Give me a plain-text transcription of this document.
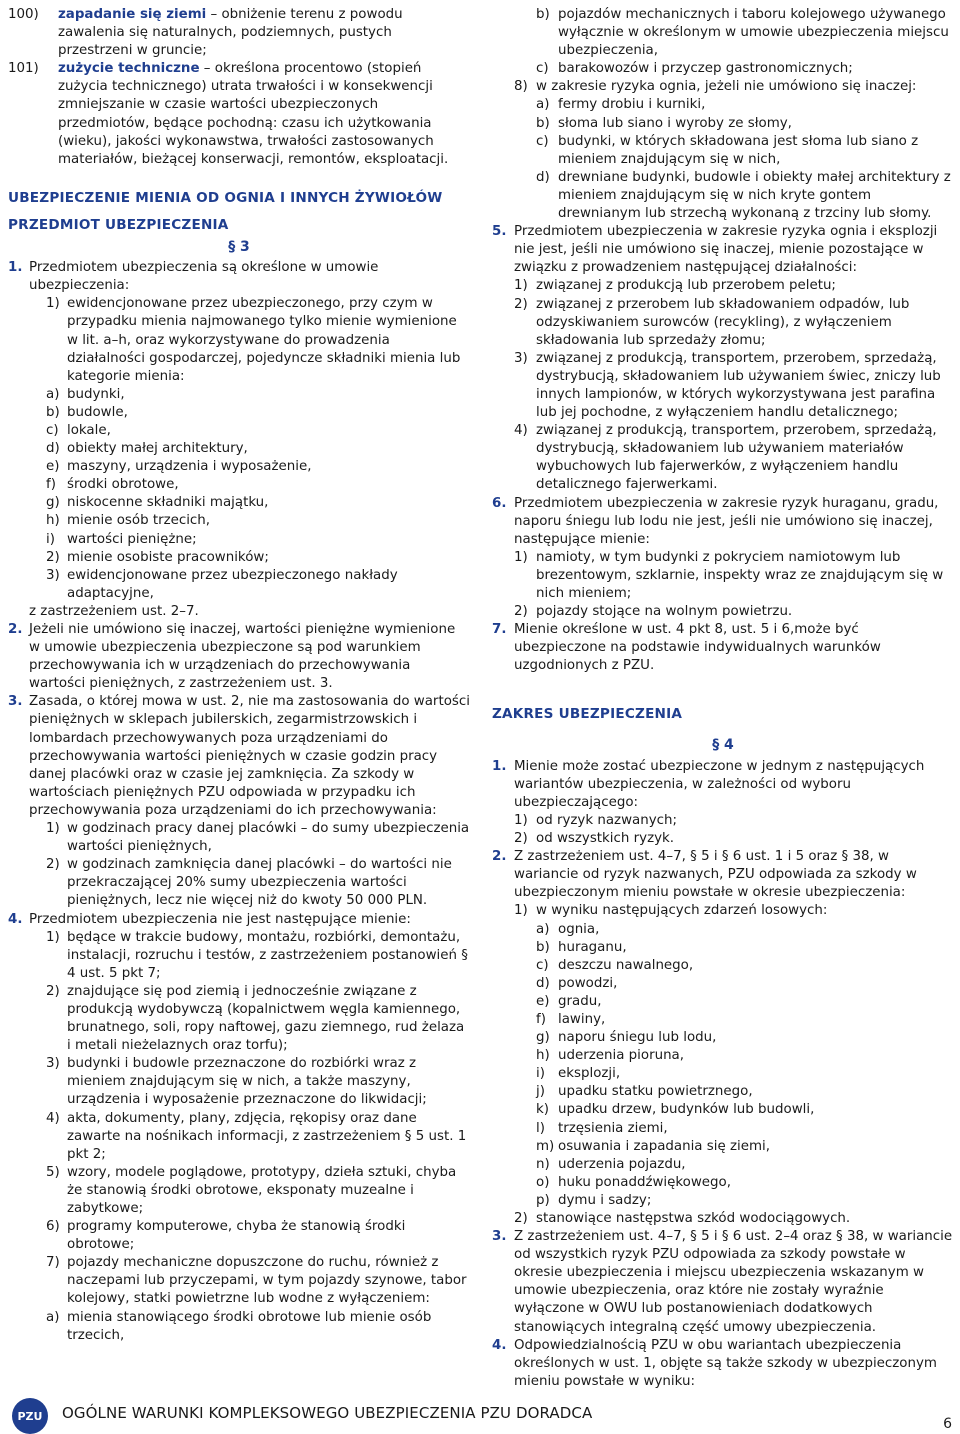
100) zapadanie się ziemi – obniżenie terenu z powodu zawalenia się naturalnych, podziemnych, pustych przestrzeni w gruncie;
101) zużycie techniczne – określona procentowo (stopień zużycia technicznego) utrata trwałości i w konsekwencji zmniejszanie w czasie wartości ubezpieczonych przedmiotów, będące pochodną: czasu ich użytkowania (wieku), jakości wykonawstwa, trwałości zastosowanych materiałów, bieżącej konserwacji, remontów, eksploatacji.
UBEZPIECZENIE MIENIA OD OGNIA I INNYCH ŻYWIOŁÓW
PRZEDMIOT UBEZPIECZENIA
§ 3
1. Przedmiotem ubezpieczenia są określone w umowie ubezpieczenia:
1) ewidencjonowane przez ubezpieczonego, przy czym w przypadku mienia najmowanego tylko mienie wymienione w lit. a–h, oraz wykorzystywane do prowadzenia działalności gospodarczej, pojedyncze składniki mienia lub kategorie mienia:
a) budynki,
b) budowle,
c) lokale,
d) obiekty małej architektury,
e) maszyny, urządzenia i wyposażenie,
f) środki obrotowe,
g) niskocenne składniki majątku,
h) mienie osób trzecich,
i) wartości pieniężne;
2) mienie osobiste pracowników;
3) ewidencjonowane przez ubezpieczonego nakłady adaptacyjne,
z zastrzeżeniem ust. 2–7.
2. Jeżeli nie umówiono się inaczej, wartości pieniężne wymienione w umowie ubezpieczenia ubezpieczone są pod warunkiem przechowywania ich w urządzeniach do przechowywania wartości pieniężnych, z zastrzeżeniem ust. 3.
3. Zasada, o której mowa w ust. 2, nie ma zastosowania do wartości pieniężnych w sklepach jubilerskich, zegarmistrzowskich i lombardach przechowywanych poza urządzeniami do przechowywania wartości pieniężnych w czasie godzin pracy danej placówki oraz w czasie jej zamknięcia. Za szkody w wartościach pieniężnych PZU odpowiada w przypadku ich przechowywania poza urządzeniami do ich przechowywania:
1) w godzinach pracy danej placówki – do sumy ubezpieczenia wartości pieniężnych,
2) w godzinach zamknięcia danej placówki – do wartości nie przekraczającej 20% sumy ubezpieczenia wartości pieniężnych, lecz nie więcej niż do kwoty 50 000 PLN.
4. Przedmiotem ubezpieczenia nie jest następujące mienie:
1) będące w trakcie budowy, montażu, rozbiórki, demontażu, instalacji, rozruchu i testów, z zastrzeżeniem postanowień § 4 ust. 5 pkt 7;
2) znajdujące się pod ziemią i jednocześnie związane z produkcją wydobywczą (kopalnictwem węgla kamiennego, brunatnego, soli, ropy naftowej, gazu ziemnego, rud żelaza i metali nieżelaznych oraz torfu);
3) budynki i budowle przeznaczone do rozbiórki wraz z mieniem znajdującym się w nich, a także maszyny, urządzenia i wyposażenie przeznaczone do likwidacji;
4) akta, dokumenty, plany, zdjęcia, rękopisy oraz dane zawarte na nośnikach informacji, z zastrzeżeniem § 5 ust. 1 pkt 2;
5) wzory, modele poglądowe, prototypy, dzieła sztuki, chyba że stanowią środki obrotowe, eksponaty muzealne i zabytkowe;
6) programy komputerowe, chyba że stanowią środki obrotowe;
7) pojazdy mechaniczne dopuszczone do ruchu, również z naczepami lub przyczepami, w tym pojazdy szynowe, tabor kolejowy, statki powietrzne lub wodne z wyłączeniem:
a) mienia stanowiącego środki obrotowe lub mienie osób trzecich,
b) pojazdów mechanicznych i taboru kolejowego używanego wyłącznie w określonym w umowie ubezpieczenia miejscu ubezpieczenia,
c) barakowozów i przyczep gastronomicznych;
8) w zakresie ryzyka ognia, jeżeli nie umówiono się inaczej:
a) fermy drobiu i kurniki,
b) słoma lub siano i wyroby ze słomy,
c) budynki, w których składowana jest słoma lub siano z mieniem znajdującym się w nich,
d) drewniane budynki, budowle i obiekty małej architektury z mieniem znajdującym się w nich kryte gontem drewnianym lub strzechą wykonaną z trzciny lub słomy.
5. Przedmiotem ubezpieczenia w zakresie ryzyka ognia i eksplozji nie jest, jeśli nie umówiono się inaczej, mienie pozostające w związku z prowadzeniem następującej działalności:
1) związanej z produkcją lub przerobem peletu;
2) związanej z przerobem lub składowaniem odpadów, lub odzyskiwaniem surowców (recykling), z wyłączeniem składowania lub sprzedaży złomu;
3) związanej z produkcją, transportem, przerobem, sprzedażą, dystrybucją, składowaniem lub używaniem świec, zniczy lub innych lampionów, w których wykorzystywana jest parafina lub jej pochodne, z wyłączeniem handlu detalicznego;
4) związanej z produkcją, transportem, przerobem, sprzedażą, dystrybucją, składowaniem lub używaniem materiałów wybuchowych lub fajerwerków, z wyłączeniem handlu detalicznego fajerwerkami.
6. Przedmiotem ubezpieczenia w zakresie ryzyk huraganu, gradu, naporu śniegu lub lodu nie jest, jeśli nie umówiono się inaczej, następujące mienie:
1) namioty, w tym budynki z pokryciem namiotowym lub brezentowym, szklarnie, inspekty wraz ze znajdującym się w nich mieniem;
2) pojazdy stojące na wolnym powietrzu.
7. Mienie określone w ust. 4 pkt 8, ust. 5 i 6,może być ubezpieczone na podstawie indywidualnych warunków uzgodnionych z PZU.
ZAKRES UBEZPIECZENIA
§ 4
1. Mienie może zostać ubezpieczone w jednym z następujących wariantów ubezpieczenia, w zależności od wyboru ubezpieczającego:
1) od ryzyk nazwanych;
2) od wszystkich ryzyk.
2. Z zastrzeżeniem ust. 4–7, § 5 i § 6 ust. 1 i 5 oraz § 38, w wariancie od ryzyk nazwanych, PZU odpowiada za szkody w ubezpieczonym mieniu powstałe w okresie ubezpieczenia:
1) w wyniku następujących zdarzeń losowych:
a) ognia,
b) huraganu,
c) deszczu nawalnego,
d) powodzi,
e) gradu,
f) lawiny,
g) naporu śniegu lub lodu,
h) uderzenia pioruna,
i) eksplozji,
j) upadku statku powietrznego,
k) upadku drzew, budynków lub budowli,
l) trzęsienia ziemi,
m) osuwania i zapadania się ziemi,
n) uderzenia pojazdu,
o) huku ponaddźwiękowego,
p) dymu i sadzy;
2) stanowiące następstwa szkód wodociągowych.
3. Z zastrzeżeniem ust. 4–7, § 5 i § 6 ust. 2–4 oraz § 38, w wariancie od wszystkich ryzyk PZU odpowiada za szkody powstałe w okresie ubezpieczenia i miejscu ubezpieczenia wskazanym w umowie ubezpieczenia, oraz które nie zostały wyraźnie wyłączone w OWU lub postanowieniach dodatkowych stanowiących integralną część umowy ubezpieczenia.
4. Odpowiedzialnością PZU w obu wariantach ubezpieczenia określonych w ust. 1, objęte są także szkody w ubezpieczonym mieniu powstałe w wyniku:
PZU	OGÓLNE WARUNKI KOMPLEKSOWEGO UBEZPIECZENIA PZU DORADCA
6
